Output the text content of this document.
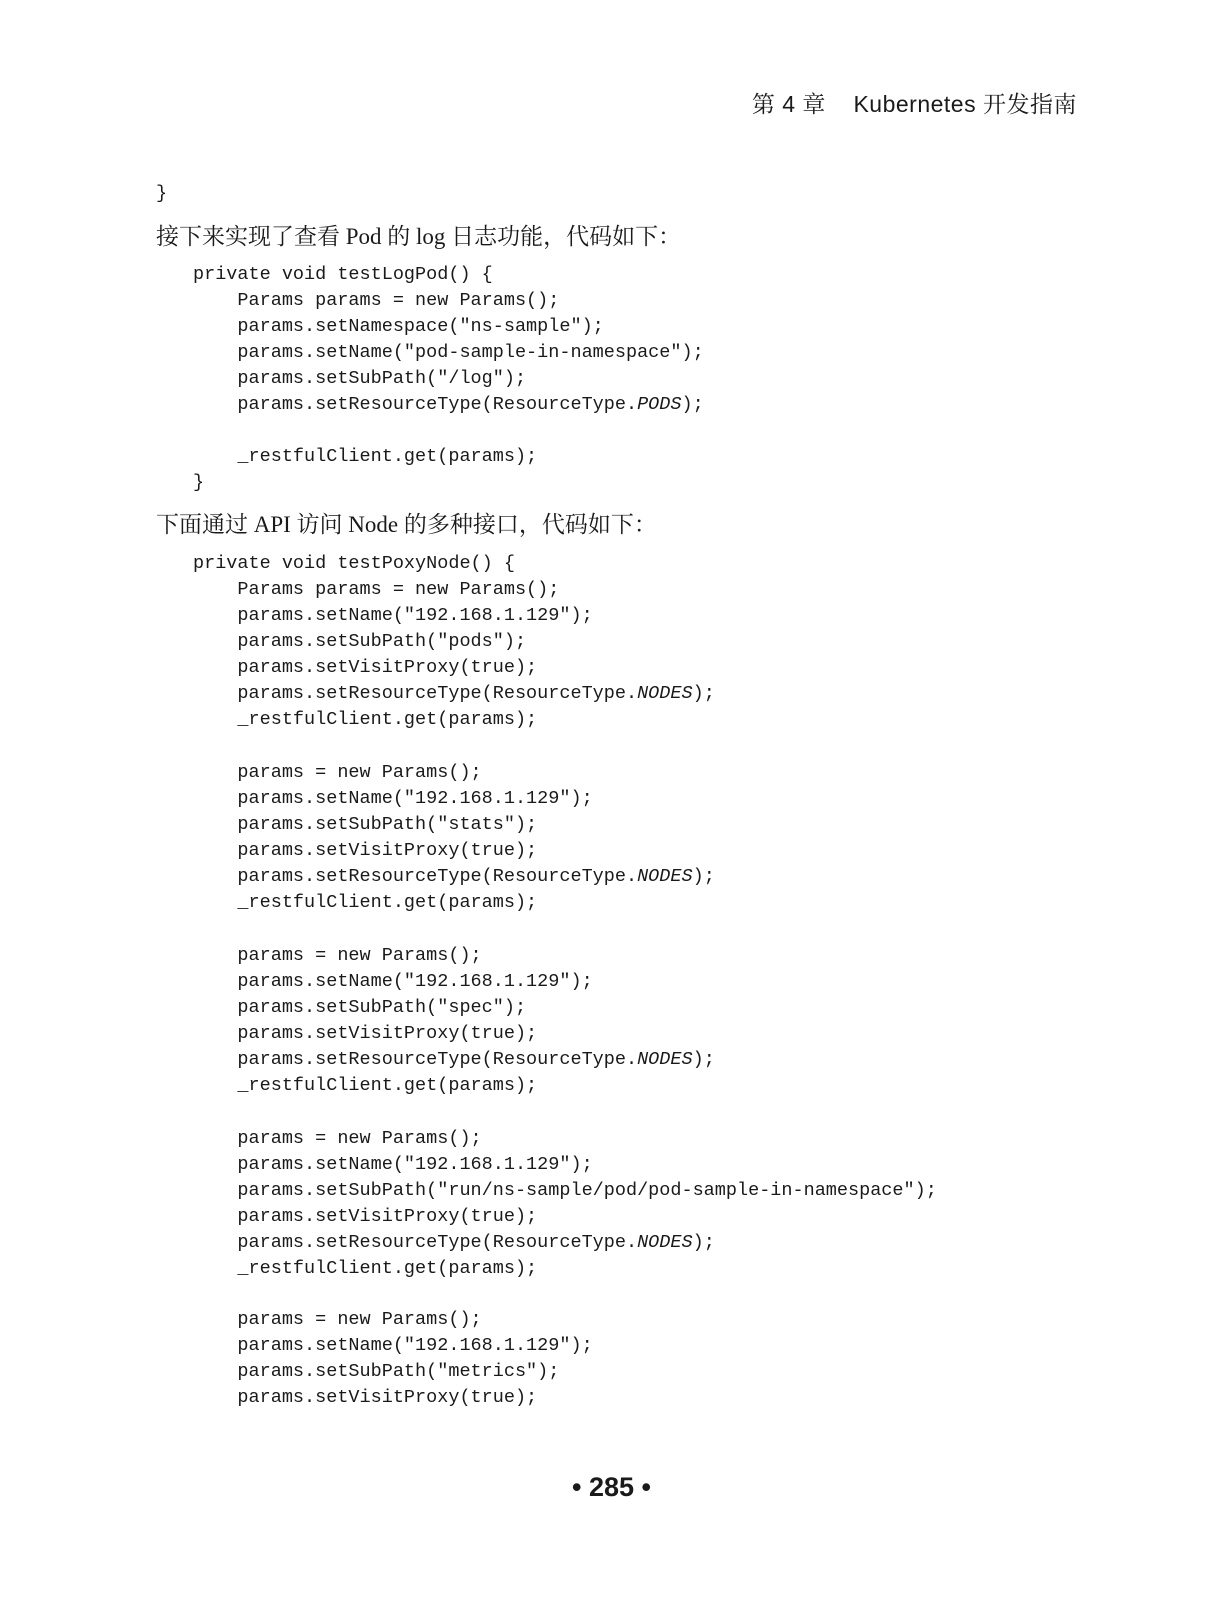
第 4 章    Kubernetes 开发指南
}
接下来实现了查看 Pod 的 log 日志功能，代码如下：
private void testLogPod() {
Params params = new Params();
params.setNamespace("ns-sample");
params.setName("pod-sample-in-namespace");
params.setSubPath("/log");
params.setResourceType(ResourceType.PODS);
_restfulClient.get(params);
}
下面通过 API 访问 Node 的多种接口，代码如下：
private void testPoxyNode() {
Params params = new Params();
params.setName("192.168.1.129");
params.setSubPath("pods");
params.setVisitProxy(true);
params.setResourceType(ResourceType.NODES);
_restfulClient.get(params);
params = new Params();
params.setName("192.168.1.129");
params.setSubPath("stats");
params.setVisitProxy(true);
params.setResourceType(ResourceType.NODES);
_restfulClient.get(params);
params = new Params();
params.setName("192.168.1.129");
params.setSubPath("spec");
params.setVisitProxy(true);
params.setResourceType(ResourceType.NODES);
_restfulClient.get(params);
params = new Params();
params.setName("192.168.1.129");
params.setSubPath("run/ns-sample/pod/pod-sample-in-namespace");
params.setVisitProxy(true);
params.setResourceType(ResourceType.NODES);
_restfulClient.get(params);
params = new Params();
params.setName("192.168.1.129");
params.setSubPath("metrics");
params.setVisitProxy(true);
• 285 •
